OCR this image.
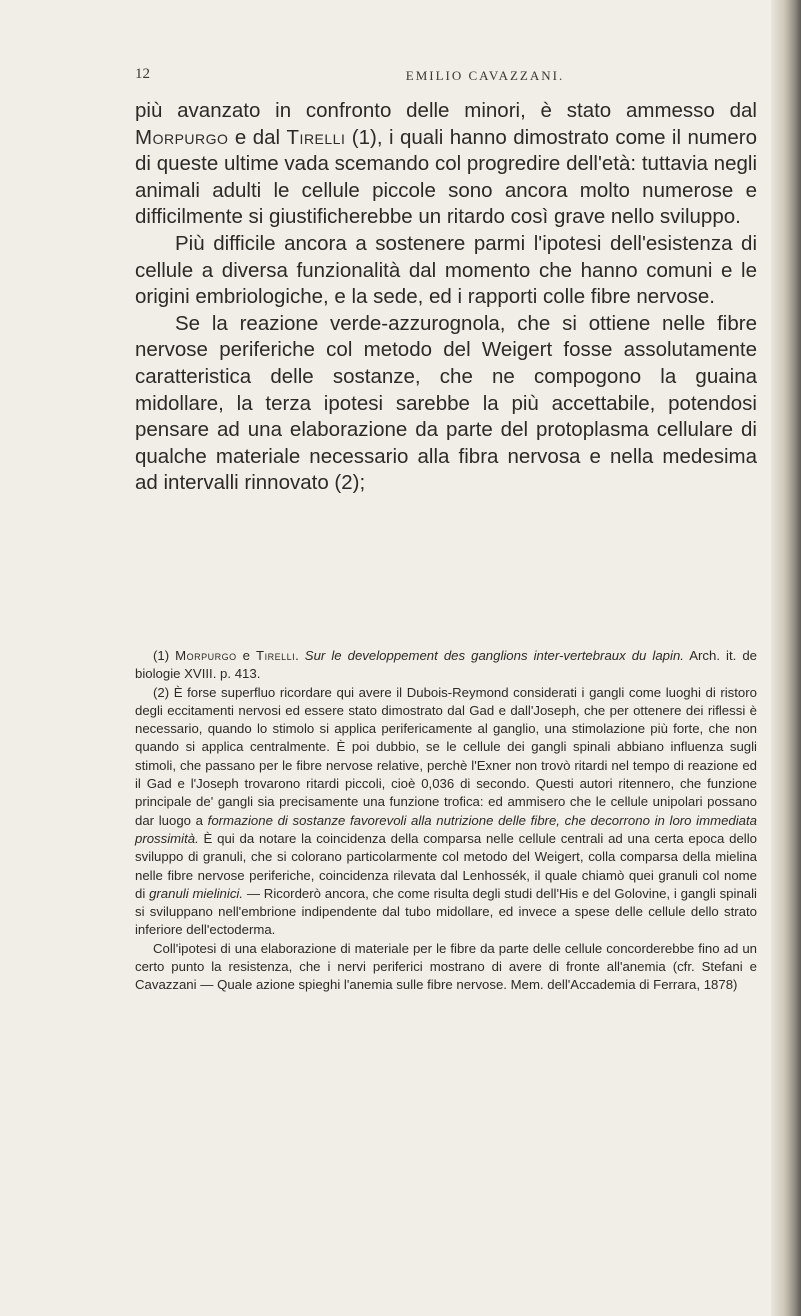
12	EMILIO CAVAZZANI.

più avanzato in confronto delle minori, è stato ammesso dal Morpurgo e dal Tirelli (1), i quali hanno dimostrato come il numero di queste ultime vada scemando col progredire dell'età: tuttavia negli animali adulti le cellule piccole sono ancora molto numerose e difficilmente si giustificherebbe un ritardo così grave nello sviluppo.

Più difficile ancora a sostenere parmi l'ipotesi dell'esistenza di cellule a diversa funzionalità dal momento che hanno comuni e le origini embriologiche, e la sede, ed i rapporti colle fibre nervose.

Se la reazione verde-azzurognola, che si ottiene nelle fibre nervose periferiche col metodo del Weigert fosse assolutamente caratteristica delle sostanze, che ne compogono la guaina midollare, la terza ipotesi sarebbe la più accettabile, potendosi pensare ad una elaborazione da parte del protoplasma cellulare di qualche materiale necessario alla fibra nervosa e nella medesima ad intervalli rinnovato (2);

(1) Morpurgo e Tirelli. Sur le developpement des ganglions inter-vertebraux du lapin. Arch. it. de biologie XVIII. p. 413.

(2) È forse superfluo ricordare qui avere il Dubois-Reymond considerati i gangli come luoghi di ristoro degli eccitamenti nervosi ed essere stato dimostrato dal Gad e dall'Joseph, che per ottenere dei riflessi è necessario, quando lo stimolo si applica perifericamente al ganglio, una stimolazione più forte, che non quando si applica centralmente. È poi dubbio, se le cellule dei gangli spinali abbiano influenza sugli stimoli, che passano per le fibre nervose relative, perchè l'Exner non trovò ritardi nel tempo di reazione ed il Gad e l'Joseph trovarono ritardi piccoli, cioè 0,036 di secondo. Questi autori ritennero, che funzione principale de' gangli sia precisamente una funzione trofica: ed ammisero che le cellule unipolari possano dar luogo a formazione di sostanze favorevoli alla nutrizione delle fibre, che decorrono in loro immediata prossimità. È qui da notare la coincidenza della comparsa nelle cellule centrali ad una certa epoca dello sviluppo di granuli, che si colorano particolarmente col metodo del Weigert, colla comparsa della mielina nelle fibre nervose periferiche, coincidenza rilevata dal Lenhossék, il quale chiamò quei granuli col nome di granuli mielinici. — Ricorderò ancora, che come risulta degli studi dell'His e del Golovine, i gangli spinali si sviluppano nell'embrione indipendente dal tubo midollare, ed invece a spese delle cellule dello strato inferiore dell'ectoderma.

Coll'ipotesi di una elaborazione di materiale per le fibre da parte delle cellule concorderebbe fino ad un certo punto la resistenza, che i nervi periferici mostrano di avere di fronte all'anemia (cfr. Stefani e Cavazzani — Quale azione spieghi l'anemia sulle fibre nervose. Mem. dell'Accademia di Ferrara, 1878)
